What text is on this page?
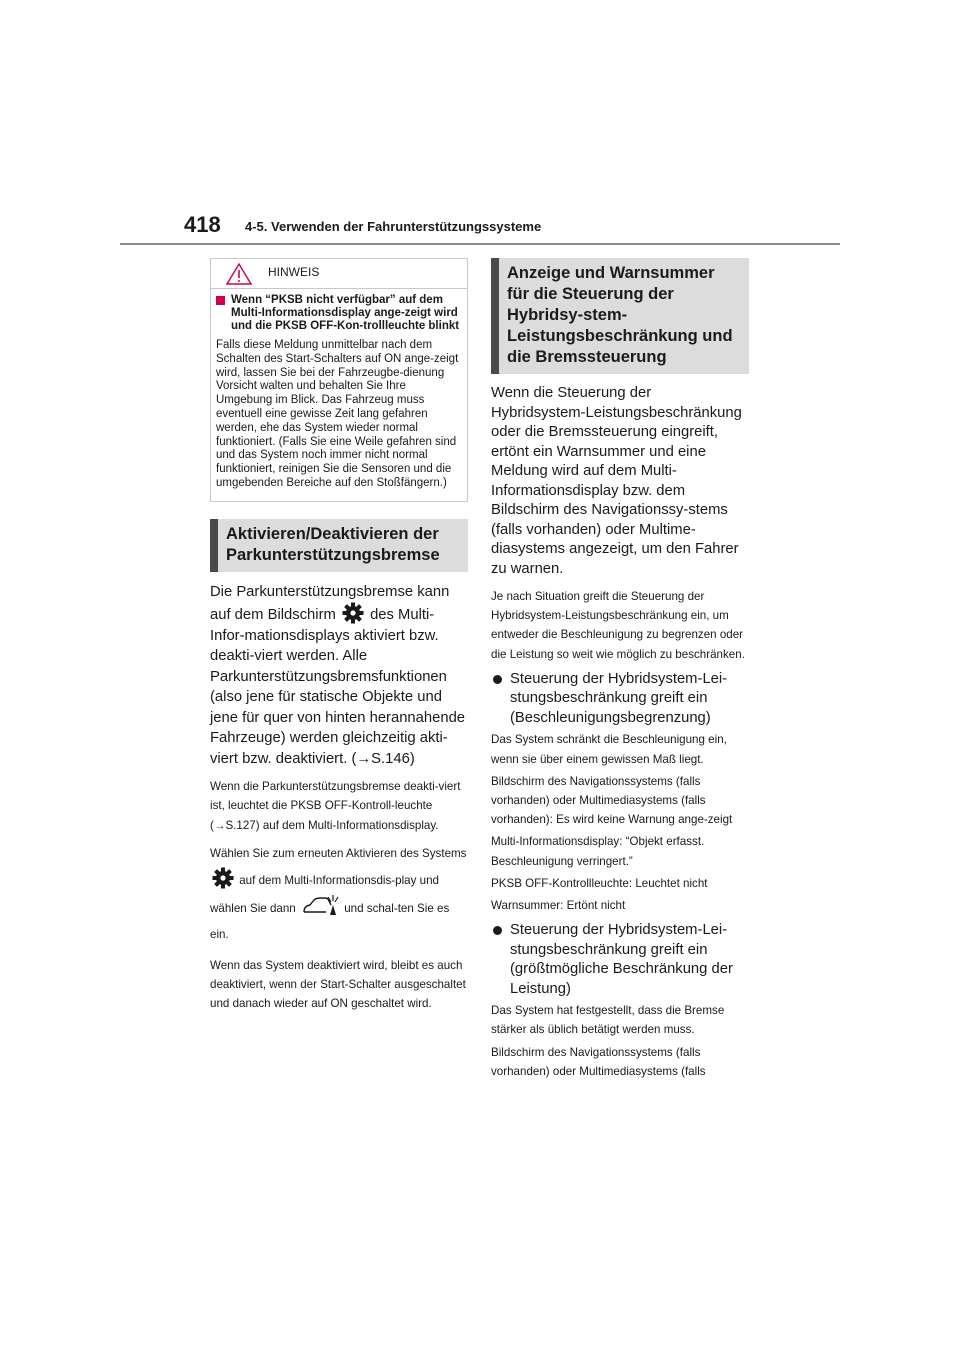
418 4-5. Verwenden der Fahrunterstützungssysteme
HINWEIS
Wenn “PKSB nicht verfügbar” auf dem Multi-Informationsdisplay ange-zeigt wird und die PKSB OFF-Kon-trollleuchte blinkt
Falls diese Meldung unmittelbar nach dem Schalten des Start-Schalters auf ON ange-zeigt wird, lassen Sie bei der Fahrzeugbe-dienung Vorsicht walten und behalten Sie Ihre Umgebung im Blick. Das Fahrzeug muss eventuell eine gewisse Zeit lang gefahren werden, ehe das System wieder normal funktioniert. (Falls Sie eine Weile gefahren sind und das System noch immer nicht normal funktioniert, reinigen Sie die Sensoren und die umgebenden Bereiche auf den Stoßfängern.)
Aktivieren/Deaktivieren der Parkunterstützungsbremse

Die Parkunterstützungsbremse kann auf dem Bildschirm des Multi-Infor-mationsdisplays aktiviert bzw. deakti-viert werden. Alle Parkunterstützungsbremsfunktionen (also jene für statische Objekte und jene für quer von hinten herannahende Fahrzeuge) werden gleichzeitig akti-viert bzw. deaktiviert. (→S.146)

Wenn die Parkunterstützungsbremse deakti-viert ist, leuchtet die PKSB OFF-Kontroll-leuchte (→S.127) auf dem Multi-Informationsdisplay.

Wählen Sie zum erneuten Aktivieren des Systems  auf dem Multi-Informationsdis-play und wählen Sie dann	und schal-ten Sie es ein.

Wenn das System deaktiviert wird, bleibt es auch deaktiviert, wenn der Start-Schalter ausgeschaltet und danach wieder auf ON geschaltet wird.

Anzeige und Warnsummer für die Steuerung der Hybridsy-stem-Leistungsbeschränkung und die Bremssteuerung

Wenn die Steuerung der Hybridsystem-Leistungsbeschränkung oder die Bremssteuerung eingreift, ertönt ein Warnsummer und eine Meldung wird auf dem Multi-Informationsdisplay bzw. dem Bildschirm des Navigationssy-stems (falls vorhanden) oder Multime-diasystems angezeigt, um den Fahrer zu warnen.

Je nach Situation greift die Steuerung der Hybridsystem-Leistungsbeschränkung ein, um entweder die Beschleunigung zu begrenzen oder die Leistung so weit wie möglich zu beschränken.

Steuerung der Hybridsystem-Lei-stungsbeschränkung greift ein (Beschleunigungsbegrenzung)

Das System schränkt die Beschleunigung ein, wenn sie über einem gewissen Maß liegt.

Bildschirm des Navigationssystems (falls vorhanden) oder Multimediasystems (falls vorhanden): Es wird keine Warnung ange-zeigt

Multi-Informationsdisplay: “Objekt erfasst. Beschleunigung verringert.”

PKSB OFF-Kontrollleuchte: Leuchtet nicht

Warnsummer: Ertönt nicht

Steuerung der Hybridsystem-Lei-stungsbeschränkung greift ein (größtmögliche Beschränkung der Leistung)

Das System hat festgestellt, dass die Bremse stärker als üblich betätigt werden muss.

Bildschirm des Navigationssystems (falls vorhanden) oder Multimediasystems (falls
